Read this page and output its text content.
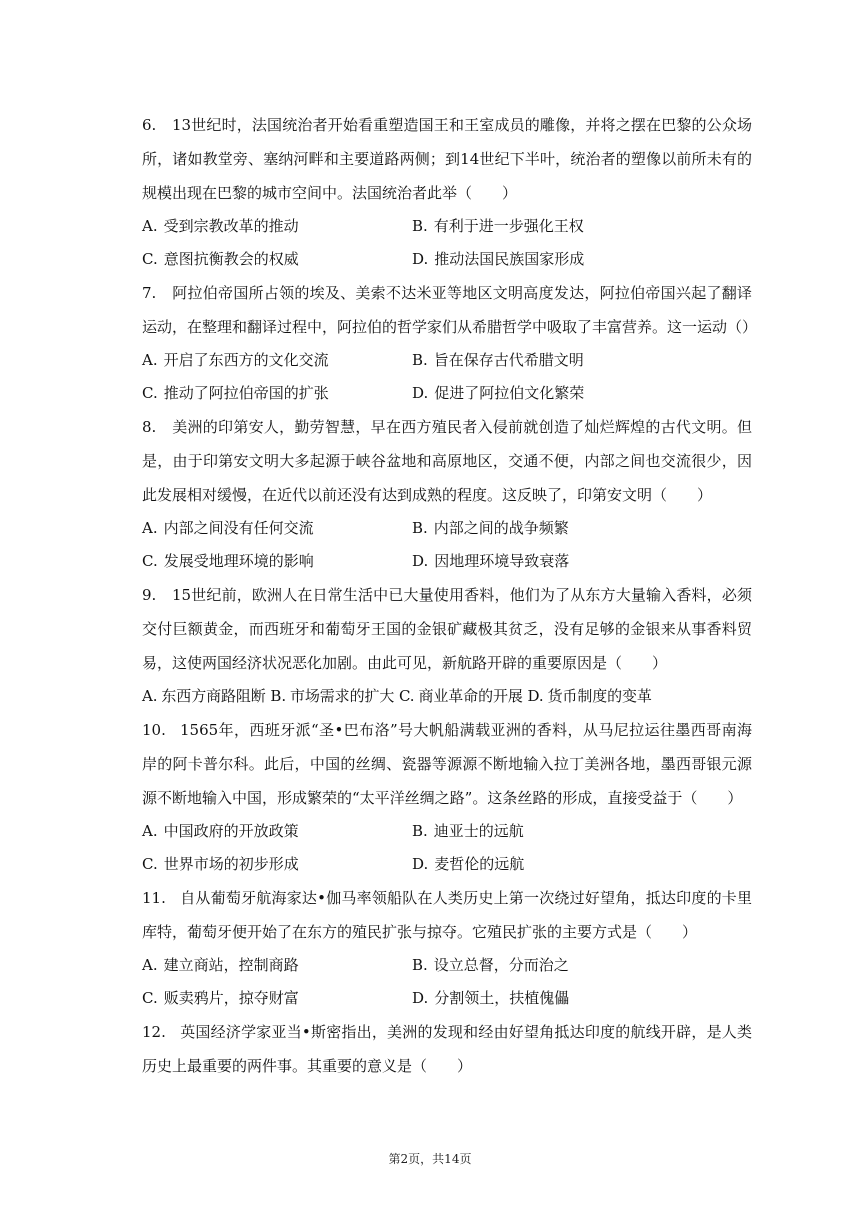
6. 13世纪时，法国统治者开始看重塑造国王和王室成员的雕像，并将之摆在巴黎的公众场所，诸如教堂旁、塞纳河畔和主要道路两侧；到14世纪下半叶，统治者的塑像以前所未有的规模出现在巴黎的城市空间中。法国统治者此举（　　）
A. 受到宗教改革的推动	B. 有利于进一步强化王权
C. 意图抗衡教会的权威	D. 推动法国民族国家形成
7. 阿拉伯帝国所占领的埃及、美索不达米亚等地区文明高度发达，阿拉伯帝国兴起了翻译运动，在整理和翻译过程中，阿拉伯的哲学家们从希腊哲学中吸取了丰富营养。这一运动（）
A. 开启了东西方的文化交流	B. 旨在保存古代希腊文明
C. 推动了阿拉伯帝国的扩张	D. 促进了阿拉伯文化繁荣
8. 美洲的印第安人，勤劳智慧，早在西方殖民者入侵前就创造了灿烂辉煌的古代文明。但是，由于印第安文明大多起源于峡谷盆地和高原地区，交通不便，内部之间也交流很少，因此发展相对缓慢，在近代以前还没有达到成熟的程度。这反映了，印第安文明（　　）
A. 内部之间没有任何交流	B. 内部之间的战争频繁
C. 发展受地理环境的影响	D. 因地理环境导致衰落
9. 15世纪前，欧洲人在日常生活中已大量使用香料，他们为了从东方大量输入香料，必须交付巨额黄金，而西班牙和葡萄牙王国的金银矿藏极其贫乏，没有足够的金银来从事香料贸易，这使两国经济状况恶化加剧。由此可见，新航路开辟的重要原因是（　　）
A. 东西方商路阻断 B. 市场需求的扩大 C. 商业革命的开展 D. 货币制度的变革
10. 1565年，西班牙派“圣•巴布洛”号大帆船满载亚洲的香料，从马尼拉运往墨西哥南海岸的阿卡普尔科。此后，中国的丝绸、瓷器等源源不断地输入拉丁美洲各地，墨西哥银元源源不断地输入中国，形成繁荣的“太平洋丝绸之路”。这条丝路的形成，直接受益于（　　）
A. 中国政府的开放政策	B. 迪亚士的远航
C. 世界市场的初步形成	D. 麦哲伦的远航
11. 自从葡萄牙航海家达•伽马率领船队在人类历史上第一次绕过好望角，抵达印度的卡里库特，葡萄牙便开始了在东方的殖民扩张与掠夺。它殖民扩张的主要方式是（　　）
A. 建立商站，控制商路	B. 设立总督，分而治之
C. 贩卖鸦片，掠夺财富	D. 分割领土，扶植傀儡
12. 英国经济学家亚当•斯密指出，美洲的发现和经由好望角抵达印度的航线开辟，是人类历史上最重要的两件事。其重要的意义是（　　）
第2页，共14页
